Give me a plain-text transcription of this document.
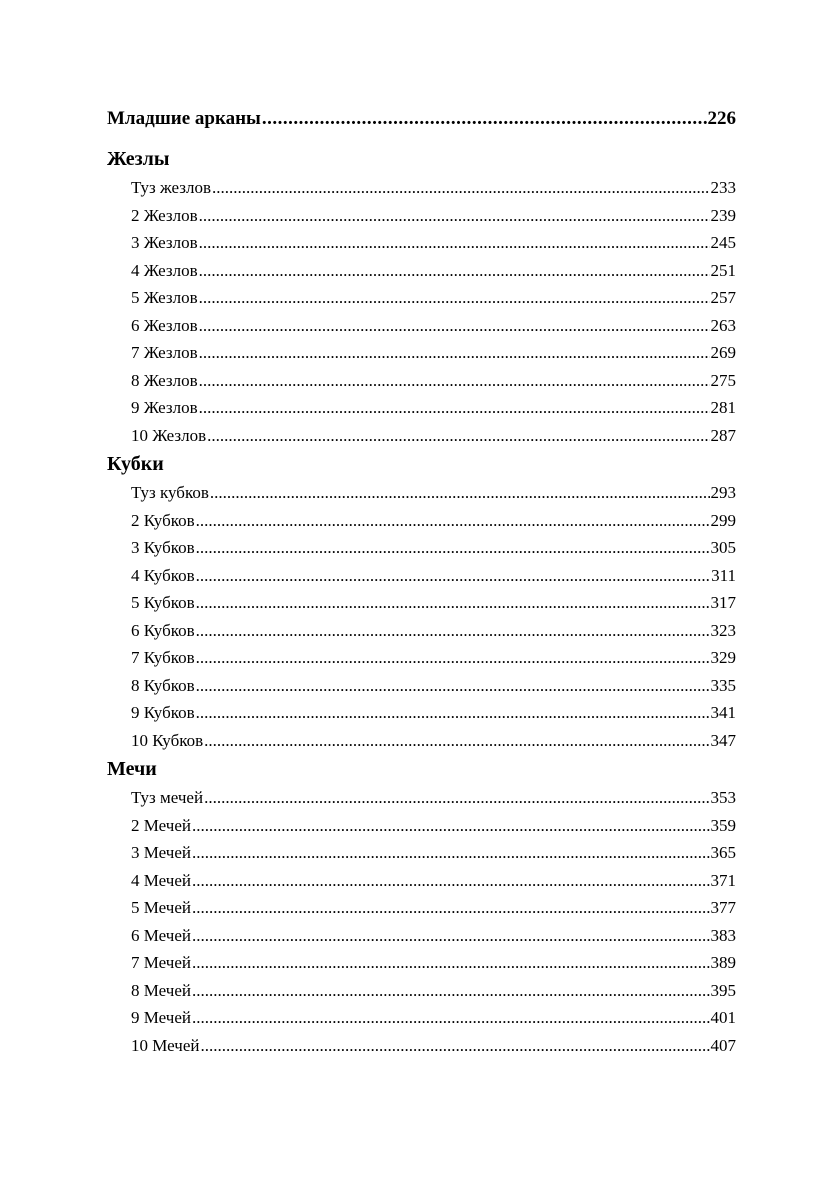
Младшие арканы .....	226
Жезлы
Туз жезлов .....	233
2 Жезлов .....	239
3 Жезлов .....	245
4 Жезлов .....	251
5 Жезлов .....	257
6 Жезлов .....	263
7 Жезлов .....	269
8 Жезлов .....	275
9 Жезлов .....	281
10 Жезлов .....	287
Кубки
Туз кубков .....	293
2 Кубков .....	299
3 Кубков .....	305
4 Кубков .....	311
5 Кубков .....	317
6 Кубков .....	323
7 Кубков .....	329
8 Кубков .....	335
9 Кубков .....	341
10 Кубков .....	347
Мечи
Туз мечей .....	353
2 Мечей .....	359
3 Мечей .....	365
4 Мечей .....	371
5 Мечей .....	377
6 Мечей .....	383
7 Мечей .....	389
8 Мечей .....	395
9 Мечей .....	401
10 Мечей .....	407
